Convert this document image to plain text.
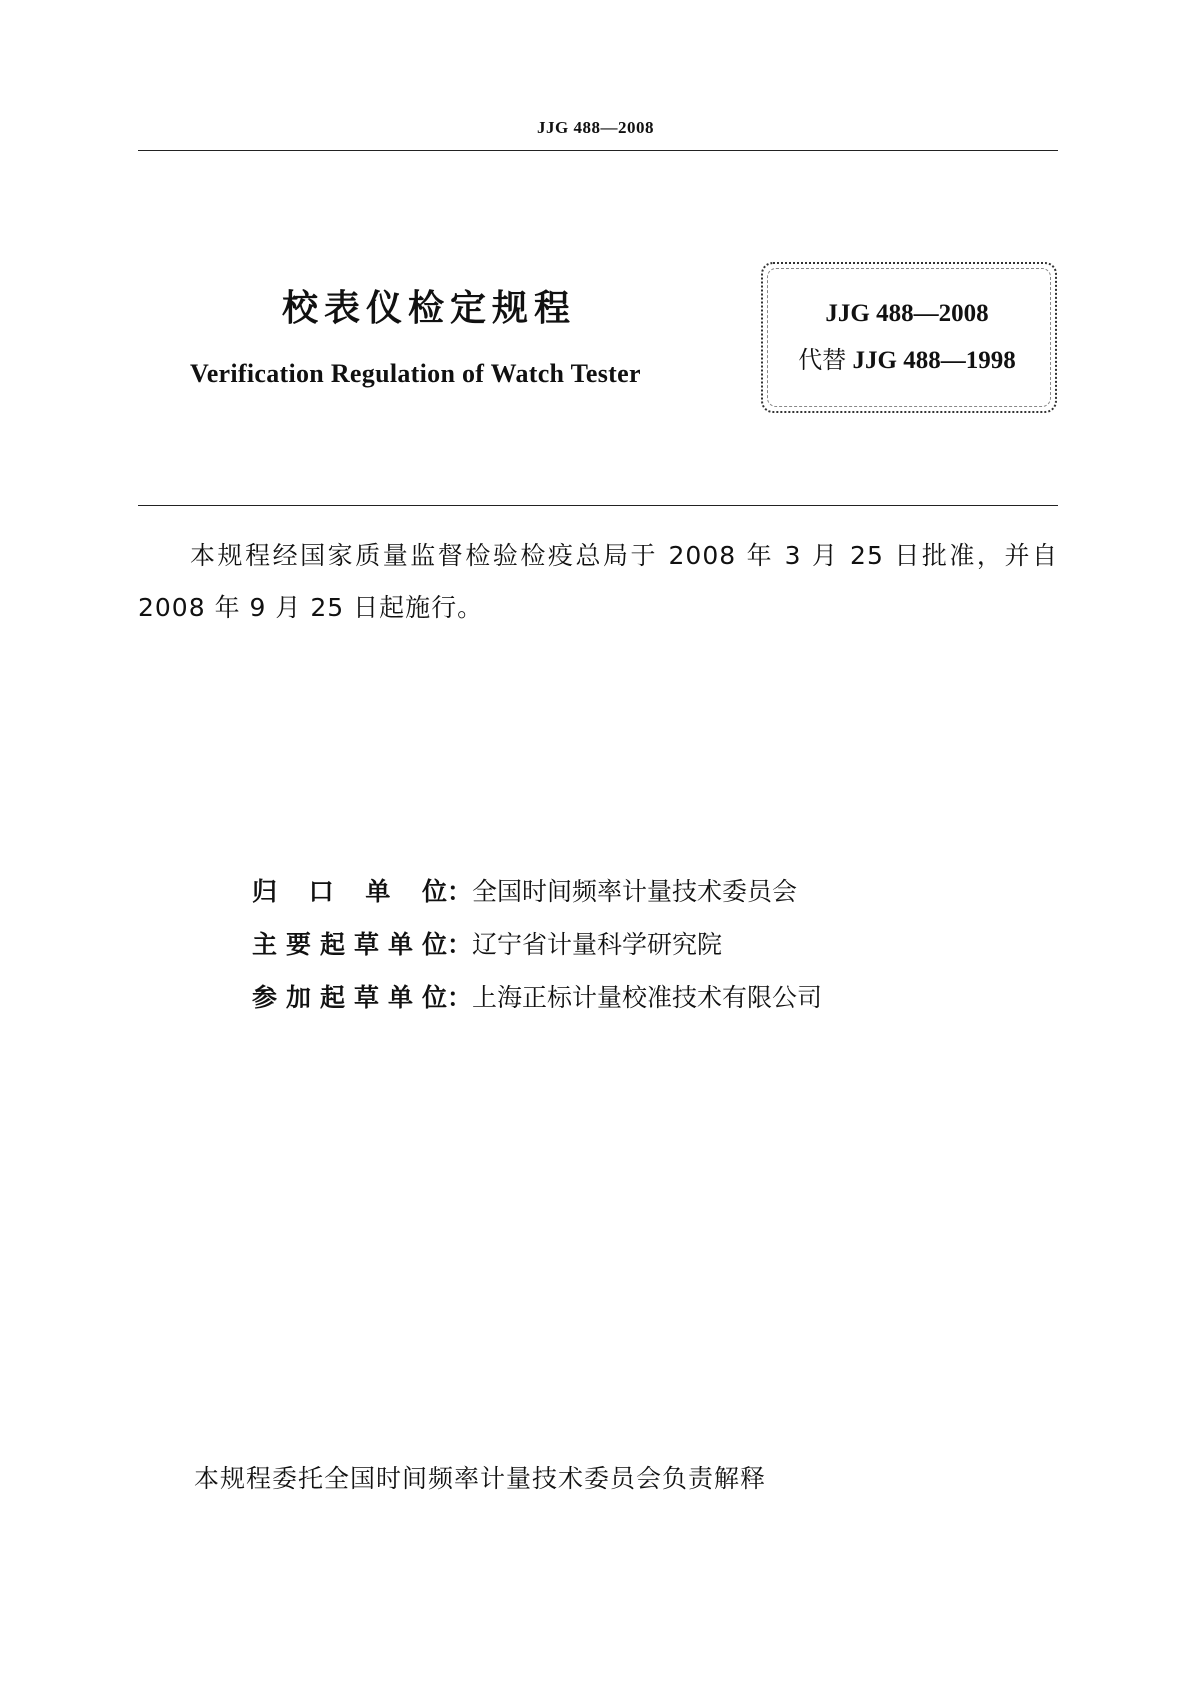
JJG 488—2008
校表仪检定规程
Verification Regulation of Watch Tester
JJG 488—2008
代替 JJG 488—1998
本规程经国家质量监督检验检疫总局于 2008 年 3 月 25 日批准，并自 2008 年 9 月 25 日起施行。
归口单位：全国时间频率计量技术委员会
主要起草单位：辽宁省计量科学研究院
参加起草单位：上海正标计量校准技术有限公司
本规程委托全国时间频率计量技术委员会负责解释
